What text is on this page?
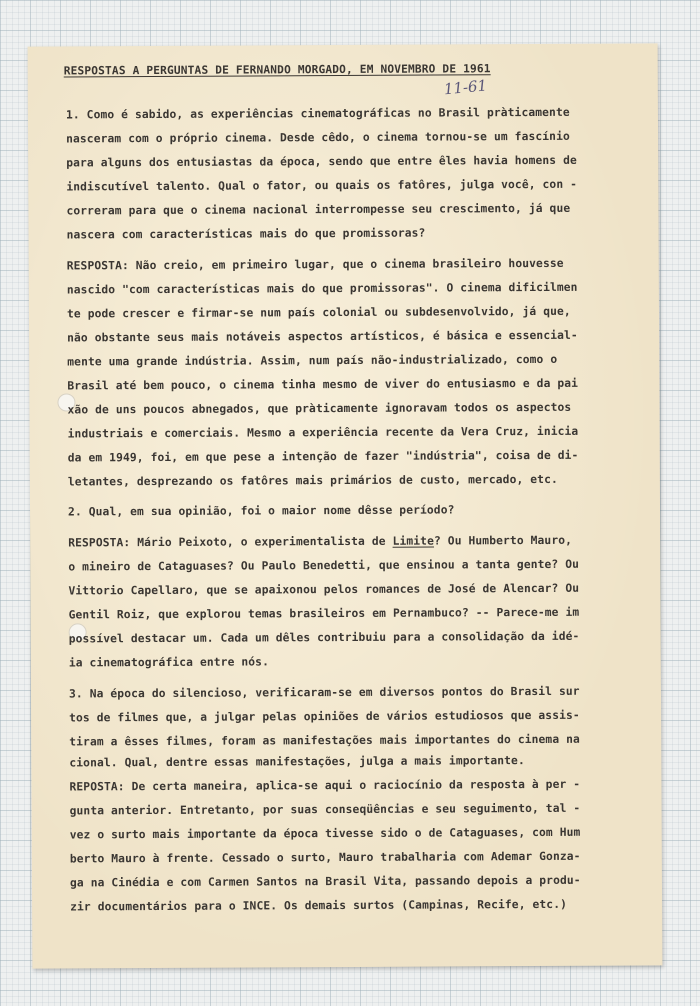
RESPOSTAS A PERGUNTAS DE FERNANDO MORGADO, EM NOVEMBRO DE 1961
11-61
1. Como é sabido, as experiências cinematográficas no Brasil pràticamente
nasceram com o próprio cinema. Desde cêdo, o cinema tornou-se um fascínio
para alguns dos entusiastas da época, sendo que entre êles havia homens de
indiscutível talento. Qual o fator, ou quais os fatôres, julga você, con -
correram para que o cinema nacional interrompesse seu crescimento, já que
nascera com características mais do que promissoras?
RESPOSTA: Não creio, em primeiro lugar, que o cinema brasileiro houvesse
nascido "com características mais do que promissoras". O cinema dificilmen
te pode crescer e firmar-se num país colonial ou subdesenvolvido, já que,
não obstante seus mais notáveis aspectos artísticos, é básica e essencial-
mente uma grande indústria. Assim, num país não-industrializado, como o
Brasil até bem pouco, o cinema tinha mesmo de viver do entusiasmo e da pai
xão de uns poucos abnegados, que pràticamente ignoravam todos os aspectos
industriais e comerciais. Mesmo a experiência recente da Vera Cruz, inicia
da em 1949, foi, em que pese a intenção de fazer "indústria", coisa de di-
letantes, desprezando os fatôres mais primários de custo, mercado, etc.
2. Qual, em sua opinião, foi o maior nome dêsse período?
RESPOSTA: Mário Peixoto, o experimentalista de Limite? Ou Humberto Mauro,
o mineiro de Cataguases? Ou Paulo Benedetti, que ensinou a tanta gente? Ou
Vittorio Capellaro, que se apaixonou pelos romances de José de Alencar? Ou
Gentil Roiz, que explorou temas brasileiros em Pernambuco? -- Parece-me im
possível destacar um. Cada um dêles contribuiu para a consolidação da idé-
ia cinematográfica entre nós.
3. Na época do silencioso, verificaram-se em diversos pontos do Brasil sur
tos de filmes que, a julgar pelas opiniões de vários estudiosos que assis-
tiram a êsses filmes, foram as manifestações mais importantes do cinema na
cional. Qual, dentre essas manifestações, julga a mais importante.
REPOSTA: De certa maneira, aplica-se aqui o raciocínio da resposta à per -
gunta anterior. Entretanto, por suas conseqüências e seu seguimento, tal -
vez o surto mais importante da época tivesse sido o de Cataguases, com Hum
berto Mauro à frente. Cessado o surto, Mauro trabalharia com Ademar Gonza-
ga na Cinédia e com Carmen Santos na Brasil Vita, passando depois a produ-
zir documentários para o INCE. Os demais surtos (Campinas, Recife, etc.)
